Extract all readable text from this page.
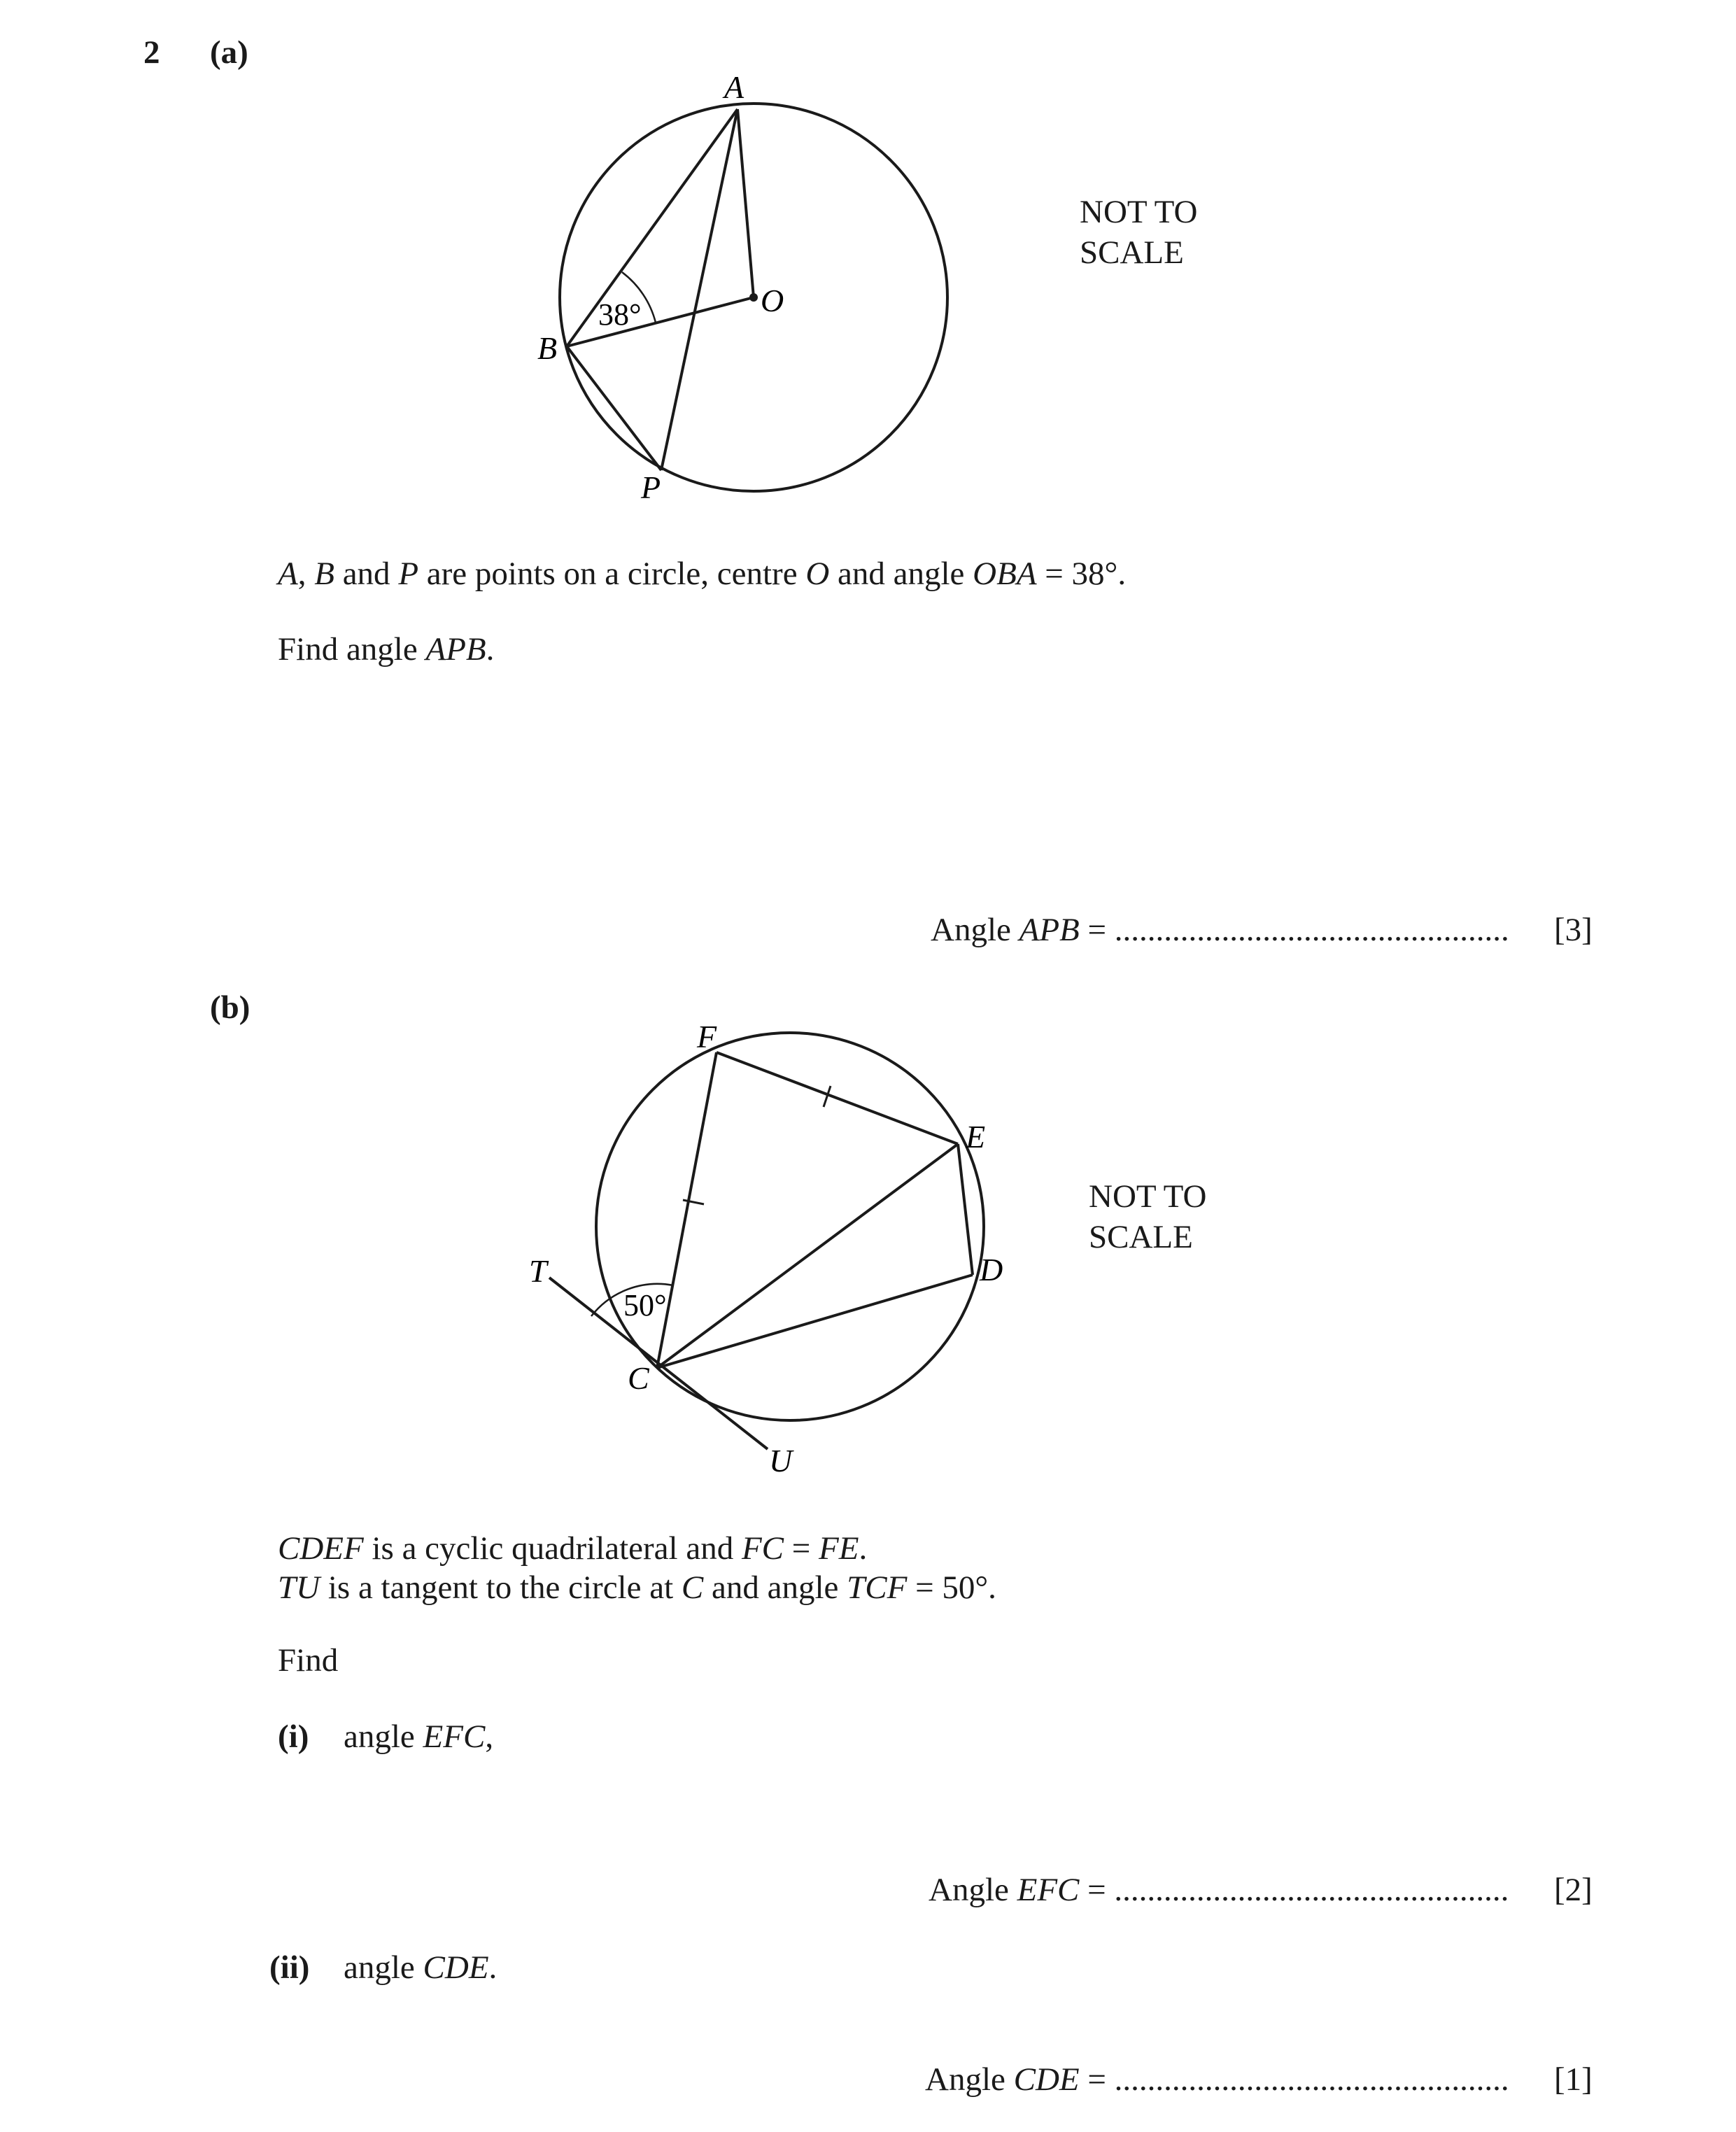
2 (a)
A
O
B
P
38°
NOT TO
SCALE
A, B and P are points on a circle, centre O and angle OBA = 38°.
Find angle APB.
Angle APB = ................................................ [3]
(b)
F
E
D
C
T
U
50°
NOT TO
SCALE
CDEF is a cyclic quadrilateral and FC = FE.
TU is a tangent to the circle at C and angle TCF = 50°.
Find
(i) angle EFC,
Angle EFC = ................................................ [2]
(ii) angle CDE.
Angle CDE = ................................................ [1]
